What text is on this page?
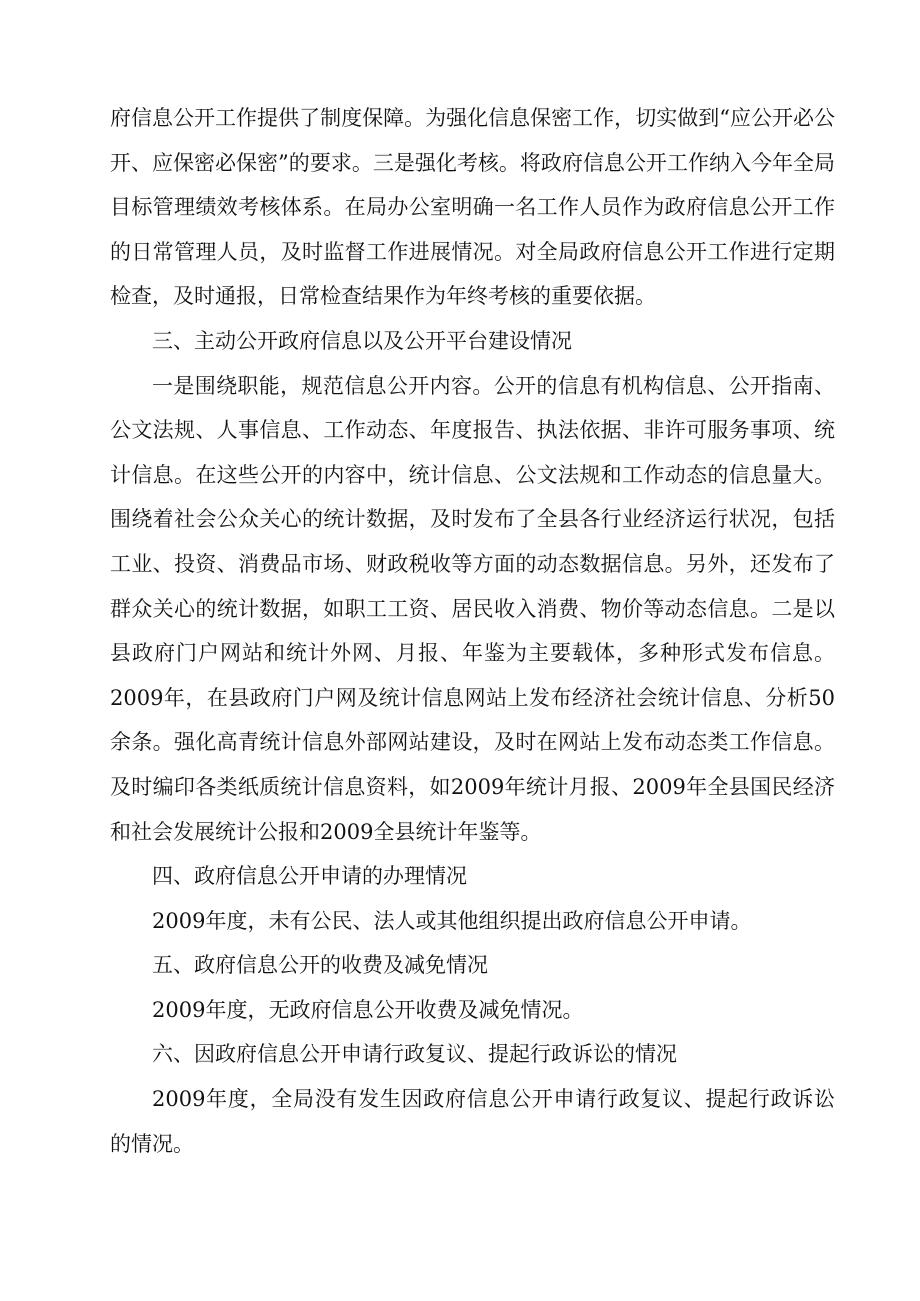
府信息公开工作提供了制度保障。为强化信息保密工作，切实做到“应公开必公开、应保密必保密”的要求。三是强化考核。将政府信息公开工作纳入今年全局目标管理绩效考核体系。在局办公室明确一名工作人员作为政府信息公开工作的日常管理人员，及时监督工作进展情况。对全局政府信息公开工作进行定期检查，及时通报，日常检查结果作为年终考核的重要依据。

三、主动公开政府信息以及公开平台建设情况

一是围绕职能，规范信息公开内容。公开的信息有机构信息、公开指南、公文法规、人事信息、工作动态、年度报告、执法依据、非许可服务事项、统计信息。在这些公开的内容中，统计信息、公文法规和工作动态的信息量大。围绕着社会公众关心的统计数据，及时发布了全县各行业经济运行状况，包括工业、投资、消费品市场、财政税收等方面的动态数据信息。另外，还发布了群众关心的统计数据，如职工工资、居民收入消费、物价等动态信息。二是以县政府门户网站和统计外网、月报、年鉴为主要载体，多种形式发布信息。2009年，在县政府门户网及统计信息网站上发布经济社会统计信息、分析50余条。强化高青统计信息外部网站建设，及时在网站上发布动态类工作信息。及时编印各类纸质统计信息资料，如2009年统计月报、2009年全县国民经济和社会发展统计公报和2009全县统计年鉴等。

四、政府信息公开申请的办理情况

2009年度，未有公民、法人或其他组织提出政府信息公开申请。

五、政府信息公开的收费及减免情况

2009年度，无政府信息公开收费及减免情况。

六、因政府信息公开申请行政复议、提起行政诉讼的情况

2009年度，全局没有发生因政府信息公开申请行政复议、提起行政诉讼的情况。
